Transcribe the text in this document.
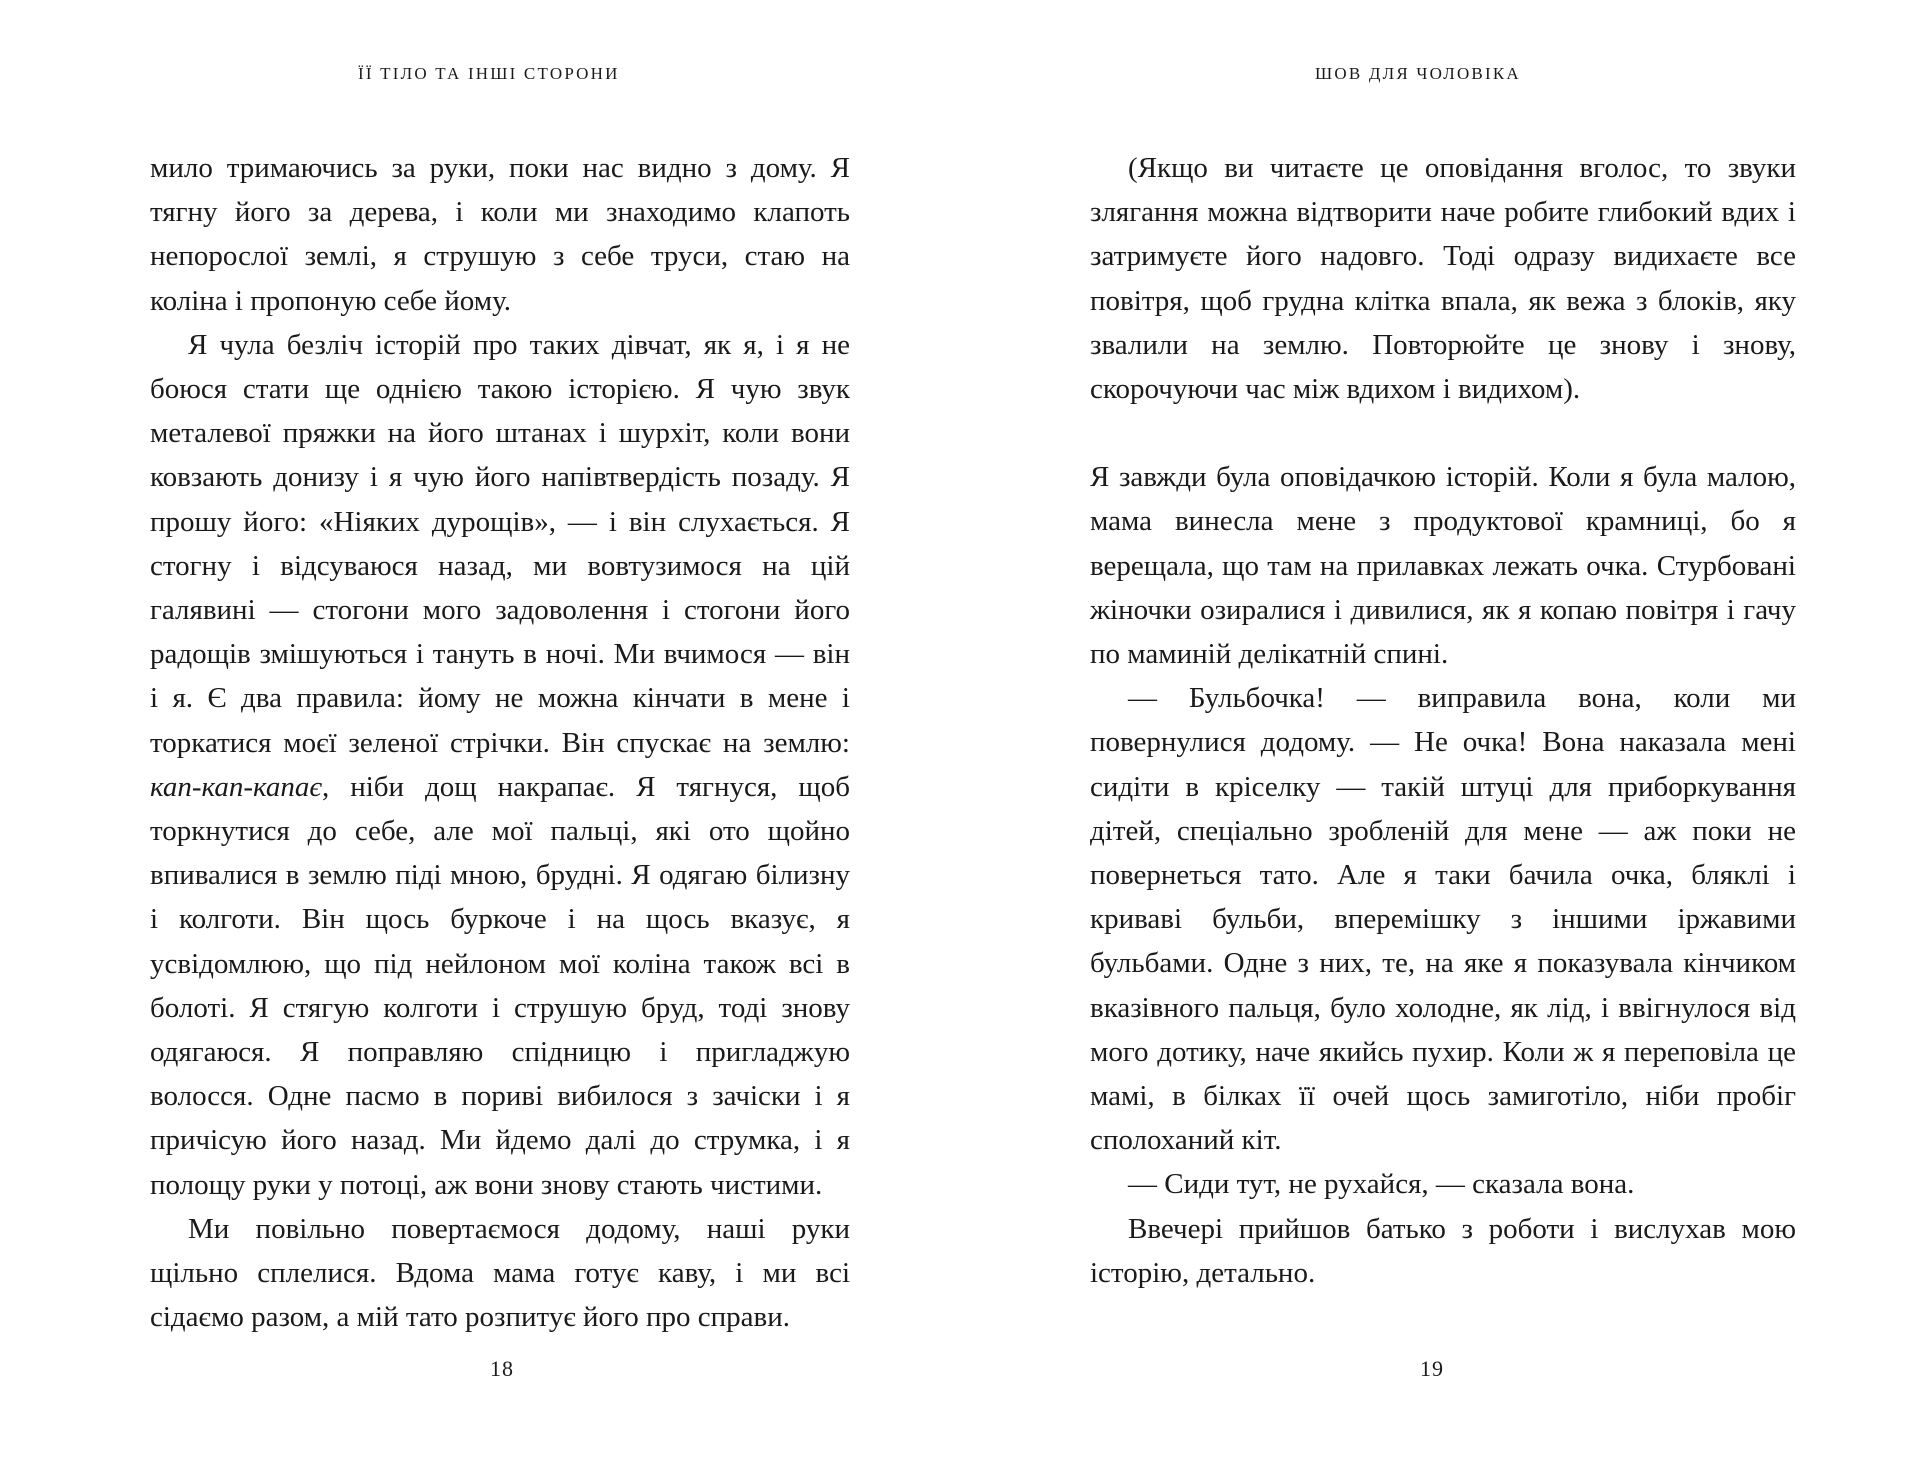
ЇЇ ТІЛО ТА ІНШІ СТОРОНИ

мило тримаючись за руки, поки нас видно з дому. Я тягну його за дерева, і коли ми знаходимо клапоть непорослої землі, я струшую з себе труси, стаю на коліна і пропоную себе йому.

Я чула безліч історій про таких дівчат, як я, і я не боюся стати ще однією такою історією. Я чую звук металевої пряжки на його штанах і шурхіт, коли вони ковзають донизу і я чую його напівтвердість позаду. Я прошу його: «Ніяких дурощів», — і він слухається. Я стогну і відсуваюся назад, ми вовтузимося на цій галявині — стогони мого задоволення і стогони його радощів змішуються і тануть в ночі. Ми вчимося — він і я. Є два правила: йому не можна кінчати в мене і торкатися моєї зеленої стрічки. Він спускає на землю: кап-кап-капає, ніби дощ накрапає. Я тягнуся, щоб торкнутися до себе, але мої пальці, які ото щойно впивалися в землю піді мною, брудні. Я одягаю білизну і колготи. Він щось буркоче і на щось вказує, я усвідомлюю, що під нейлоном мої коліна також всі в болоті. Я стягую колготи і струшую бруд, тоді знову одягаюся. Я поправляю спідницю і пригладжую волосся. Одне пасмо в пориві вибилося з зачіски і я причісую його назад. Ми йдемо далі до струмка, і я полощу руки у потоці, аж вони знову стають чистими.

Ми повільно повертаємося додому, наші руки щільно сплелися. Вдома мама готує каву, і ми всі сідаємо разом, а мій тато розпитує його про справи.

18
ШОВ ДЛЯ ЧОЛОВІКА

(Якщо ви читаєте це оповідання вголос, то звуки злягання можна відтворити наче робите глибокий вдих і затримуєте його надовго. Тоді одразу видихаєте все повітря, щоб грудна клітка впала, як вежа з блоків, яку звалили на землю. Повторюйте це знову і знову, скорочуючи час між вдихом і видихом).

Я завжди була оповідачкою історій. Коли я була малою, мама винесла мене з продуктової крамниці, бо я верещала, що там на прилавках лежать очка. Стурбовані жіночки озиралися і дивилися, як я копаю повітря і гачу по маминій делікатній спині.

— Бульбочка! — виправила вона, коли ми повернулися додому. — Не очка! Вона наказала мені сидіти в кріселку — такій штуці для приборкування дітей, спеціально зробленій для мене — аж поки не повернеться тато. Але я таки бачила очка, бляклі і криваві бульби, вперемішку з іншими іржавими бульбами. Одне з них, те, на яке я показувала кінчиком вказівного пальця, було холодне, як лід, і ввігнулося від мого дотику, наче якийсь пухир. Коли ж я переповіла це мамі, в білках її очей щось замиготіло, ніби пробіг сполоханий кіт.

— Сиди тут, не рухайся, — сказала вона.

Ввечері прийшов батько з роботи і вислухав мою історію, детально.

19
